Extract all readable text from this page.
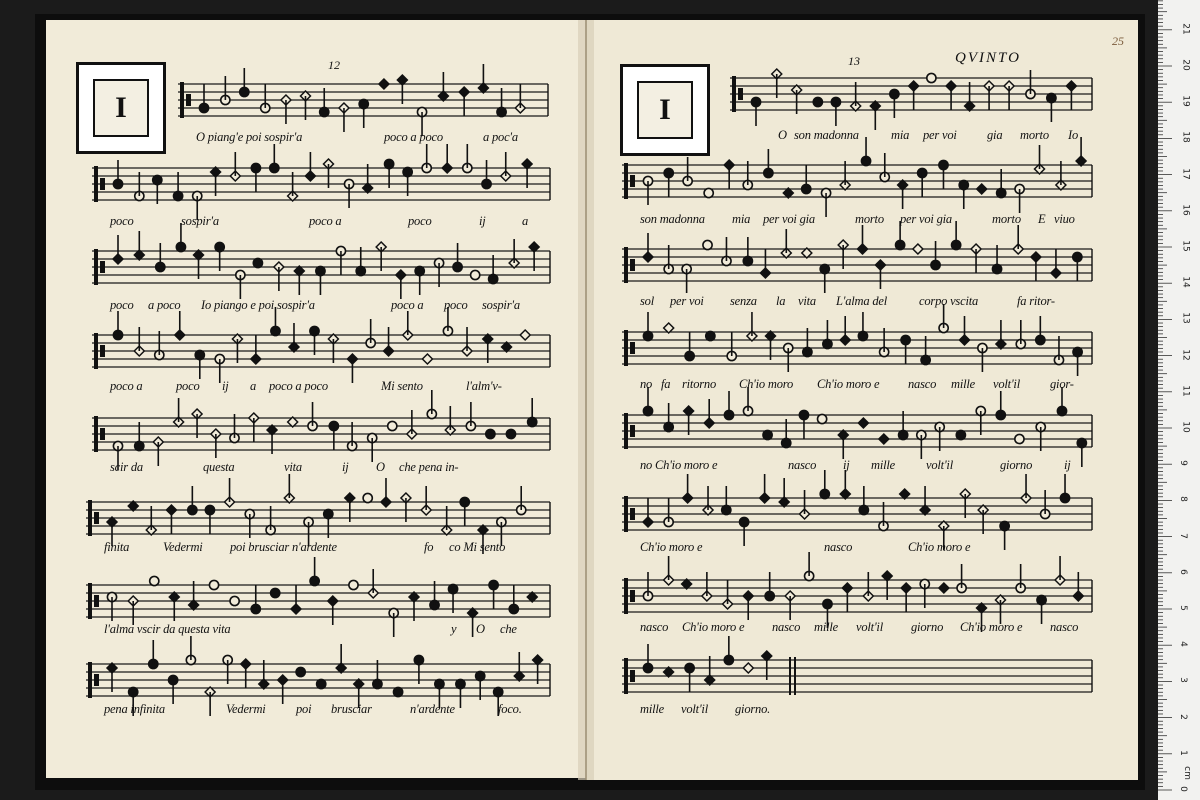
I
12
I
13	QVINTO
25
O piang'e poi sospir'a	poco a poco	a poc'a
poco	sospir'a	poco a	poco	ij	a
poco a poco Io piango e poi sospir'a	poco a poco sospir'a
poco a	poco ij a poco a poco	Mi sento	l'alm'v-
scir da	questa	vita	ij O che pena in-
finita	Vedermi poi brusciar n'ardente	fo co Mi sento
l'alma vscir da questa vita	y O che
pena infinita	Vedermi poi brusciar	n'ardente	foco.
O son madonna	mia per voi gia morto Io
son madonna mia per voi gia	morto per voi gia	morto E viuo
sol per voi senza la vita L'alma del	corpo vscita	fa ritor-
no fa ritorno Ch'io moro Ch'io moro e nasco mille volt'il gior-
no Ch'io moro e	nasco ij mille volt'il	giorno	ij
Ch'io moro e	nasco	Ch'io moro e
nasco Ch'io moro e nasco mille volt'il giorno Ch'io moro e nasco
mille volt'il giorno.
0
1
2
3
4
5
6
7
8
9
10
11
12
13
14
15
16
17
18
19
20
21
cm
